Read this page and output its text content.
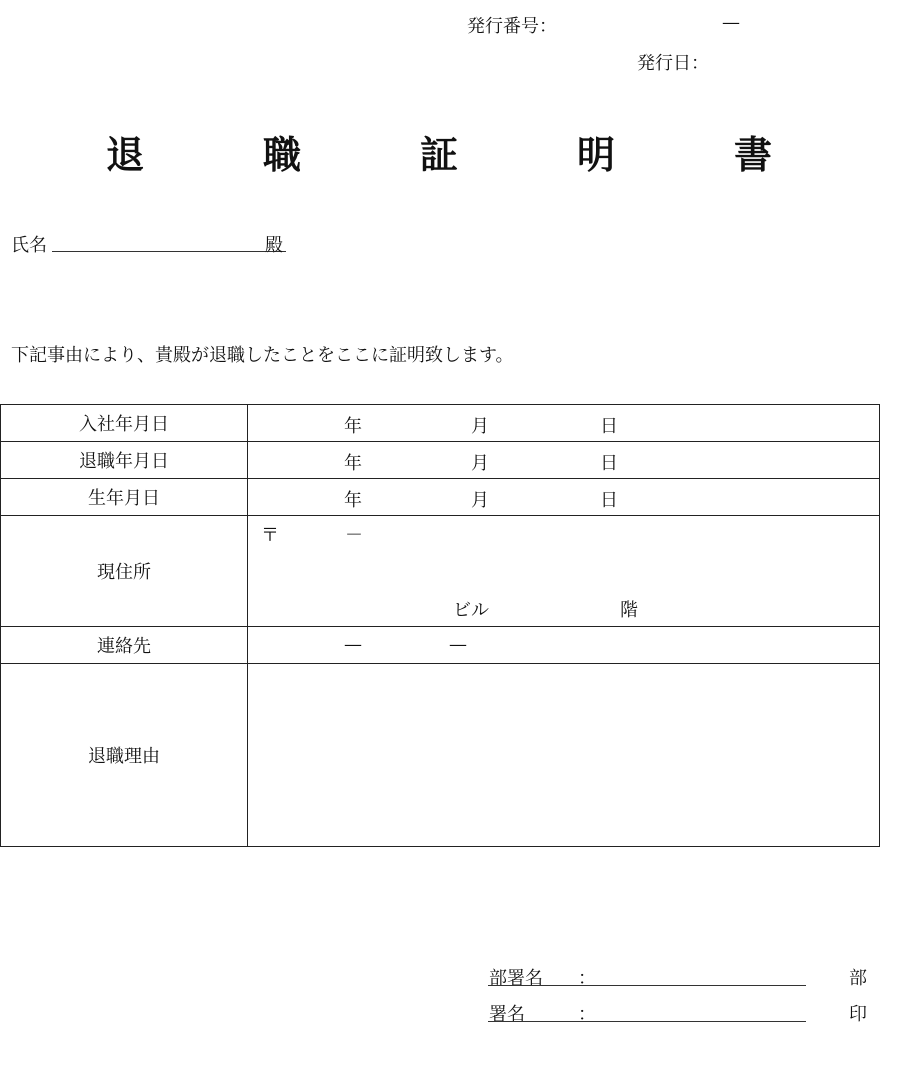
発行番号：	—
発行日：
退	職	証	明	書
氏名	殿
下記事由により、貴殿が退職したことをここに証明致します。
入社年月日	年 月 日

退職年月日	年 月 日

生年月日	年 月 日

現住所	〒 －
ビル 階

連絡先	— —

退職理由	
部署名 ：	部
署名	：	印
